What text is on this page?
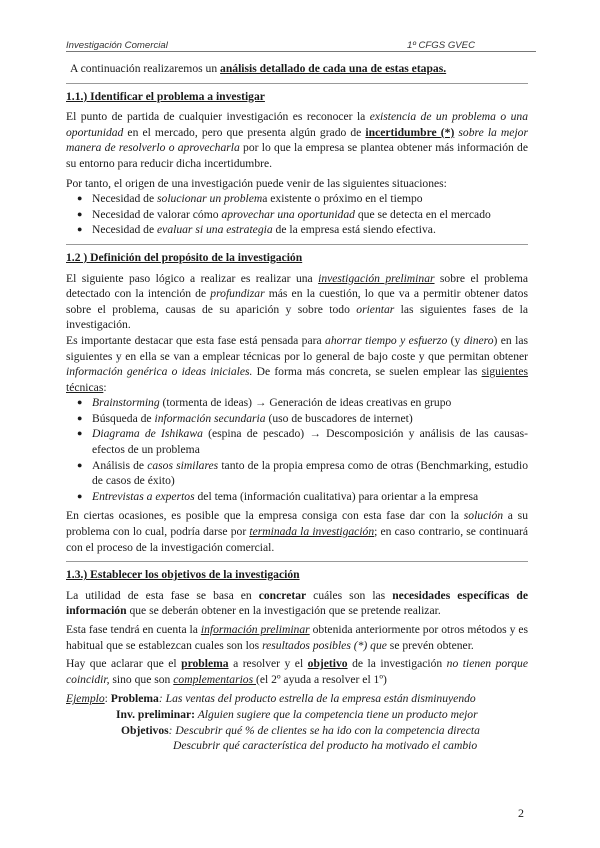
Investigación Comercial	1º CFGS GVEC

A continuación realizaremos un análisis detallado de cada una de estas etapas.

1.1.) Identificar el problema a investigar

El punto de partida de cualquier investigación es reconocer la existencia de un problema o una oportunidad en el mercado, pero que presenta algún grado de incertidumbre (*) sobre la mejor manera de resolverlo o aprovecharla por lo que la empresa se plantea obtener más información de su entorno para reducir dicha incertidumbre.

Por tanto, el origen de una investigación puede venir de las siguientes situaciones:

● Necesidad de solucionar un problema existente o próximo en el tiempo
● Necesidad de valorar cómo aprovechar una oportunidad que se detecta en el mercado
● Necesidad de evaluar si una estrategia de la empresa está siendo efectiva.

1.2 ) Definición del propósito de la investigación

El siguiente paso lógico a realizar es realizar una investigación preliminar sobre el problema detectado con la intención de profundizar más en la cuestión, lo que va a permitir obtener datos sobre el problema, causas de su aparición y sobre todo orientar las siguientes fases de la investigación.

Es importante destacar que esta fase está pensada para ahorrar tiempo y esfuerzo (y dinero) en las siguientes y en ella se van a emplear técnicas por lo general de bajo coste y que permitan obtener información genérica o ideas iniciales. De forma más concreta, se suelen emplear las siguientes técnicas:

● Brainstorming (tormenta de ideas) → Generación de ideas creativas en grupo
● Búsqueda de información secundaria (uso de buscadores de internet)
● Diagrama de Ishikawa (espina de pescado) → Descomposición y análisis de las causas-efectos de un problema
● Análisis de casos similares tanto de la propia empresa como de otras (Benchmarking, estudio de casos de éxito)
● Entrevistas a expertos del tema (información cualitativa) para orientar a la empresa

En ciertas ocasiones, es posible que la empresa consiga con esta fase dar con la solución a su problema con lo cual, podría darse por terminada la investigación; en caso contrario, se continuará con el proceso de la investigación comercial.

1.3.) Establecer los objetivos de la investigación

La utilidad de esta fase se basa en concretar cuáles son las necesidades específicas de información que se deberán obtener en la investigación que se pretende realizar.

Esta fase tendrá en cuenta la información preliminar obtenida anteriormente por otros métodos y es habitual que se establezcan cuales son los resultados posibles (*) que se prevén obtener.

Hay que aclarar que el problema a resolver y el objetivo de la investigación no tienen porque coincidir, sino que son complementarios (el 2º ayuda a resolver el 1º)

Ejemplo: Problema: Las ventas del producto estrella de la empresa están disminuyendo
Inv. preliminar: Alguien sugiere que la competencia tiene un producto mejor
Objetivos: Descubrir qué % de clientes se ha ido con la competencia directa
Descubrir qué característica del producto ha motivado el cambio
2
